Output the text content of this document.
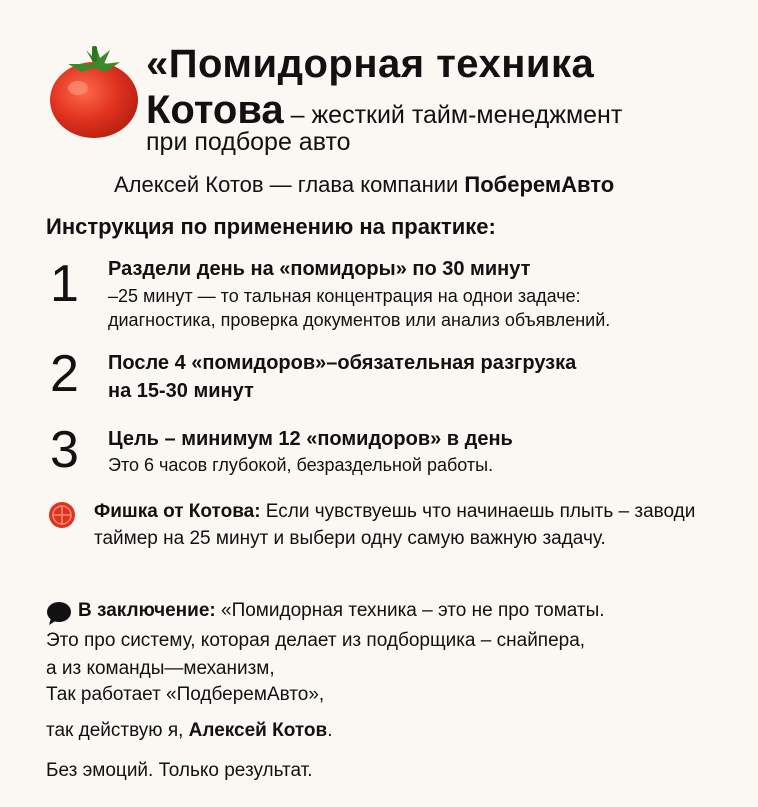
«Помидорная техника
Котова – жесткий тайм-менеджмент
при подборе авто
Алексей Котов — глава компании ПоберемАвто
Инструкция по применению на практике:
1 Раздели день на «помидоры» по 30 минут
–25 минут — то тальная концентрация на однои задаче:
диагностика, проверка документов или анализ объявлений.
2 После 4 «помидоров»–обязательная разгрузка
на 15-30 минут
3 Цель – минимум 12 «помидоров» в день
Это 6 часов глубокой, безраздельной работы.
Фишка от Котова: Если чувствуешь что начинаешь плыть – заводи таймер на 25 минут и выбери одну самую важную задачу.
В заключение: «Помидорная техника – это не про томаты.
Это про систему, которая делает из подборщика – снайпера,
а из команды—механизм,
Так работает «ПодберемАвто»,
так действую я, Алексей Котов.
Без эмоций. Только результат.
